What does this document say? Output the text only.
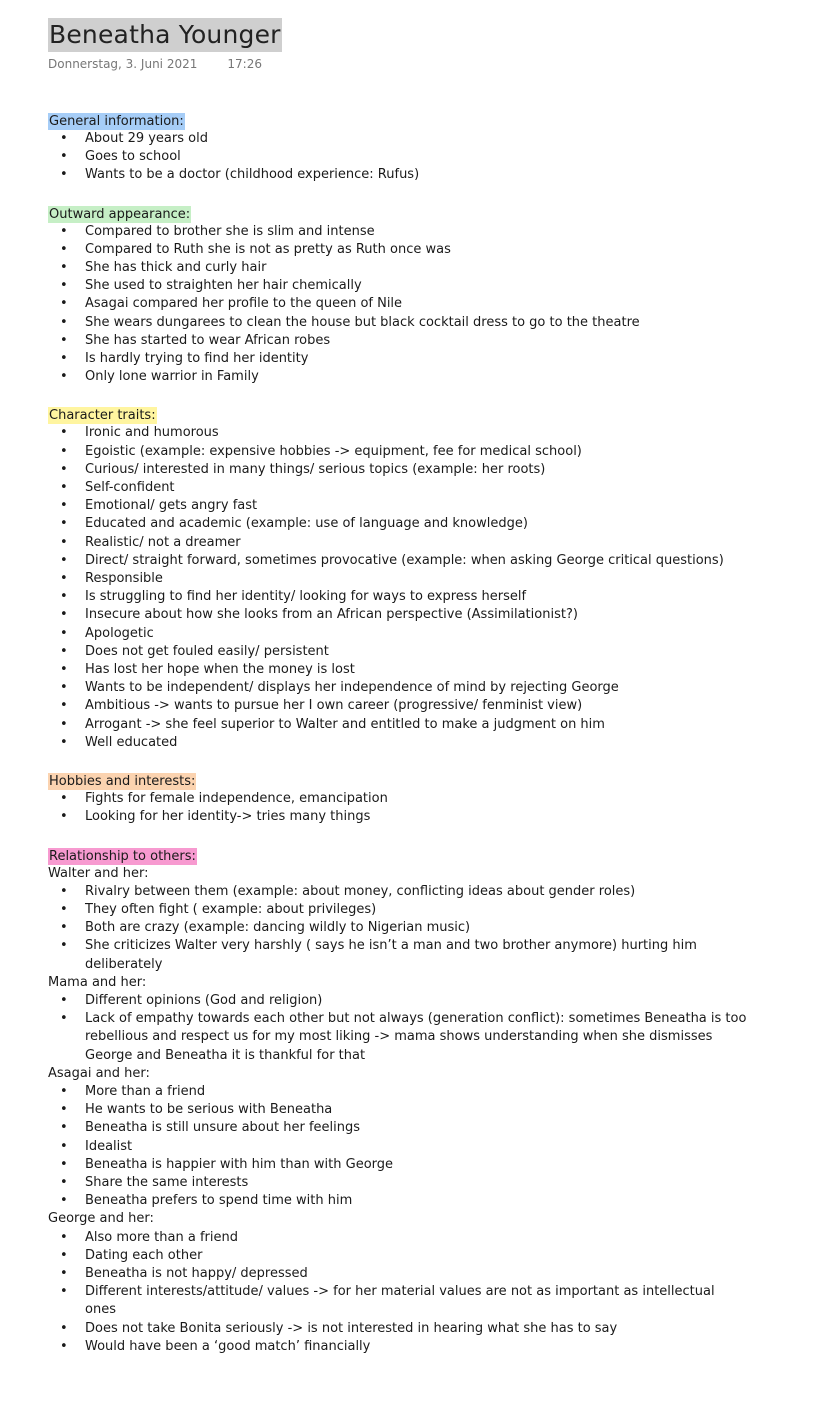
Beneatha Younger
Donnerstag, 3. Juni 2021	17:26
General information:
• About 29 years old
• Goes to school
• Wants to be a doctor (childhood experience: Rufus)
Outward appearance:
• Compared to brother she is slim and intense
• Compared to Ruth she is not as pretty as Ruth once was
• She has thick and curly hair
• She used to straighten her hair chemically
• Asagai compared her profile to the queen of Nile
• She wears dungarees to clean the house but black cocktail dress to go to the theatre
• She has started to wear African robes
• Is hardly trying to find her identity
• Only lone warrior in Family
Character traits:
• Ironic and humorous
• Egoistic (example: expensive hobbies -> equipment, fee for medical school)
• Curious/ interested in many things/ serious topics (example: her roots)
• Self-confident
• Emotional/ gets angry fast
• Educated and academic (example: use of language and knowledge)
• Realistic/ not a dreamer
• Direct/ straight forward, sometimes provocative (example: when asking George critical questions)
• Responsible
• Is struggling to find her identity/ looking for ways to express herself
• Insecure about how she looks from an African perspective (Assimilationist?)
• Apologetic
• Does not get fouled easily/ persistent
• Has lost her hope when the money is lost
• Wants to be independent/ displays her independence of mind by rejecting George
• Ambitious -> wants to pursue her I own career (progressive/ fenminist view)
• Arrogant -> she feel superior to Walter and entitled to make a judgment on him
• Well educated
Hobbies and interests:
• Fights for female independence, emancipation
• Looking for her identity-> tries many things
Relationship to others:
Walter and her:
• Rivalry between them (example: about money, conflicting ideas about gender roles)
• They often fight ( example: about privileges)
• Both are crazy (example: dancing wildly to Nigerian music)
• She criticizes Walter very harshly ( says he isn’t a man and two brother anymore) hurting him deliberately
Mama and her:
• Different opinions (God and religion)
• Lack of empathy towards each other but not always (generation conflict): sometimes Beneatha is too rebellious and respect us for my most liking -> mama shows understanding when she dismisses George and Beneatha it is thankful for that
Asagai and her:
• More than a friend
• He wants to be serious with Beneatha
• Beneatha is still unsure about her feelings
• Idealist
• Beneatha is happier with him than with George
• Share the same interests
• Beneatha prefers to spend time with him
George and her:
• Also more than a friend
• Dating each other
• Beneatha is not happy/ depressed
• Different interests/attitude/ values -> for her material values are not as important as intellectual ones
• Does not take Bonita seriously -> is not interested in hearing what she has to say
• Would have been a ‘good match’ financially
